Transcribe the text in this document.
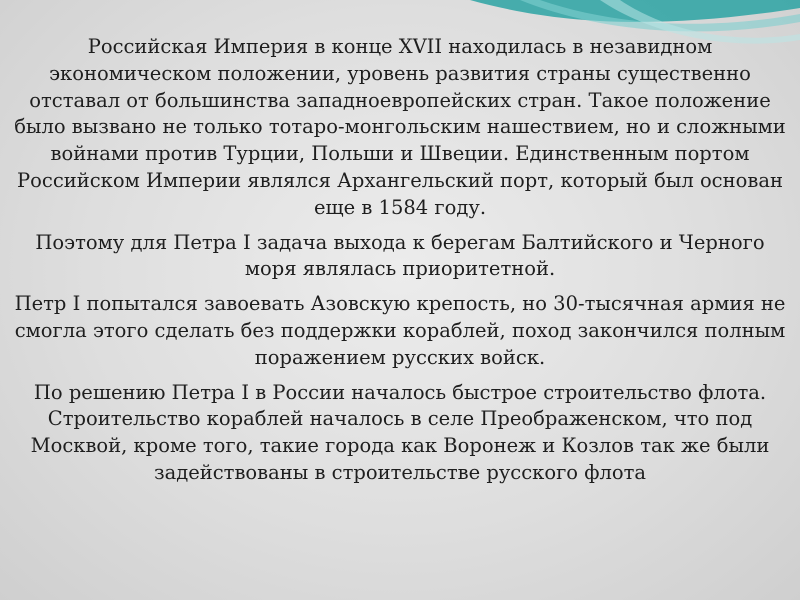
Российская Империя в конце XVII находилась в незавидном экономическом положении, уровень развития страны существенно отставал от большинства западноевропейских стран. Такое положение было вызвано не только тотаро-монгольским нашествием, но и сложными войнами против Турции, Польши и Швеции. Единственным портом Российском Империи являлся Архангельский порт, который был основан еще в 1584 году.

Поэтому для Петра I задача выхода к берегам Балтийского и Черного моря являлась приоритетной.

Петр I попытался завоевать Азовскую крепость, но 30-тысячная армия не смогла этого сделать без поддержки кораблей, поход закончился полным поражением русских войск.

По решению Петра I в России началось быстрое строительство флота. Строительство кораблей началось в селе Преображенском, что под Москвой, кроме того, такие города как Воронеж и Козлов так же были задействованы в строительстве русского флота
